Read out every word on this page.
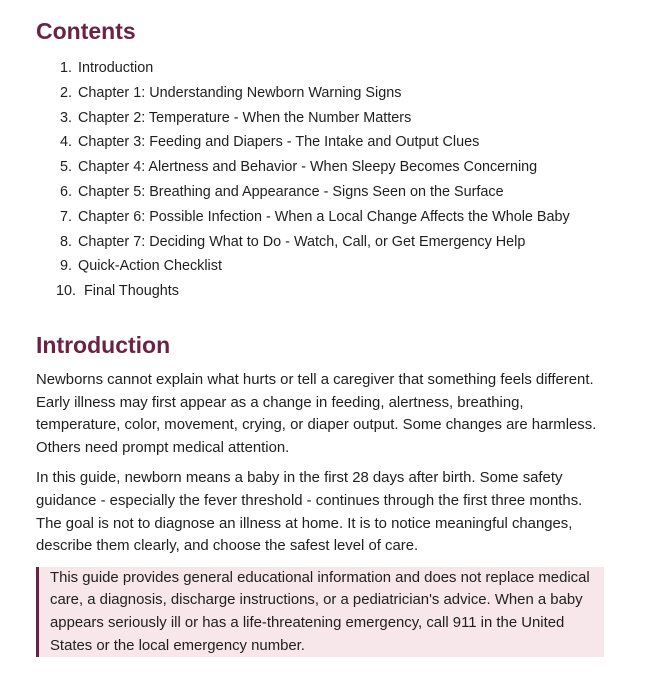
Contents
1. Introduction
2. Chapter 1: Understanding Newborn Warning Signs
3. Chapter 2: Temperature - When the Number Matters
4. Chapter 3: Feeding and Diapers - The Intake and Output Clues
5. Chapter 4: Alertness and Behavior - When Sleepy Becomes Concerning
6. Chapter 5: Breathing and Appearance - Signs Seen on the Surface
7. Chapter 6: Possible Infection - When a Local Change Affects the Whole Baby
8. Chapter 7: Deciding What to Do - Watch, Call, or Get Emergency Help
9. Quick-Action Checklist
10. Final Thoughts
Introduction

Newborns cannot explain what hurts or tell a caregiver that something feels different. Early illness may first appear as a change in feeding, alertness, breathing, temperature, color, movement, crying, or diaper output. Some changes are harmless. Others need prompt medical attention.

In this guide, newborn means a baby in the first 28 days after birth. Some safety guidance - especially the fever threshold - continues through the first three months. The goal is not to diagnose an illness at home. It is to notice meaningful changes, describe them clearly, and choose the safest level of care.

This guide provides general educational information and does not replace medical care, a diagnosis, discharge instructions, or a pediatrician's advice. When a baby appears seriously ill or has a life-threatening emergency, call 911 in the United States or the local emergency number.
